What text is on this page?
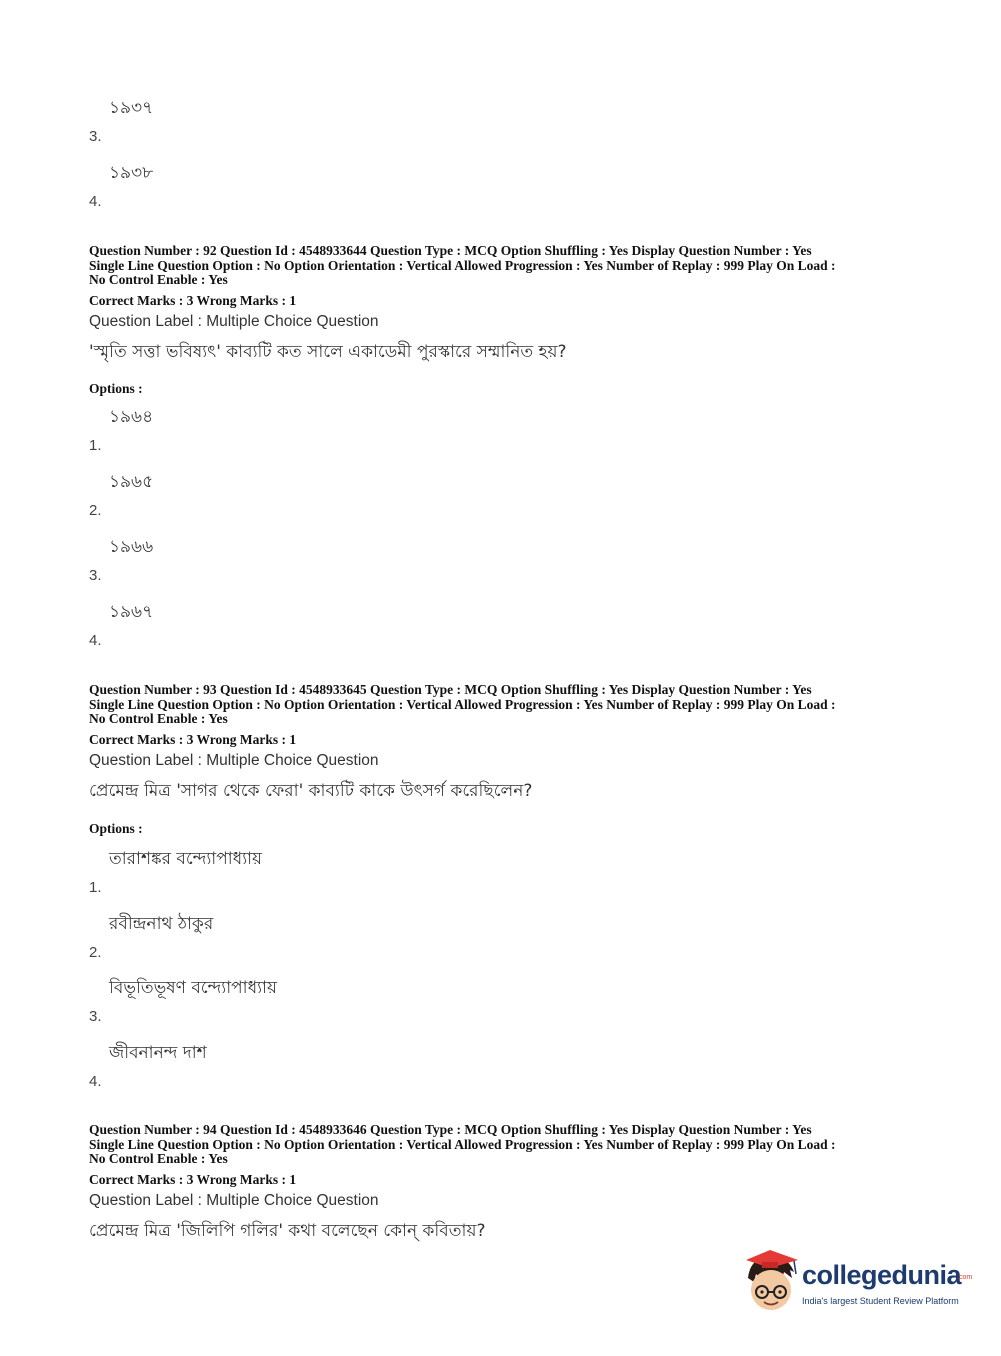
১৯৩৭
3.
১৯৩৮
4.
Question Number : 92 Question Id : 4548933644 Question Type : MCQ Option Shuffling : Yes Display Question Number : Yes
Single Line Question Option : No Option Orientation : Vertical Allowed Progression : Yes Number of Replay : 999 Play On Load :
No Control Enable : Yes
Correct Marks : 3 Wrong Marks : 1
Question Label : Multiple Choice Question
'স্মৃতি সত্তা ভবিষ্যৎ' কাব্যটি কত সালে একাডেমী পুরস্কারে সম্মানিত হয়?
Options :
১৯৬৪
1.
১৯৬৫
2.
১৯৬৬
3.
১৯৬৭
4.
Question Number : 93 Question Id : 4548933645 Question Type : MCQ Option Shuffling : Yes Display Question Number : Yes
Single Line Question Option : No Option Orientation : Vertical Allowed Progression : Yes Number of Replay : 999 Play On Load :
No Control Enable : Yes
Correct Marks : 3 Wrong Marks : 1
Question Label : Multiple Choice Question
প্রেমেন্দ্র মিত্র 'সাগর থেকে ফেরা' কাব্যটি কাকে উৎসর্গ করেছিলেন?
Options :
তারাশঙ্কর বন্দ্যোপাধ্যায়
1.
রবীন্দ্রনাথ ঠাকুর
2.
বিভূতিভূষণ বন্দ্যোপাধ্যায়
3.
জীবনানন্দ দাশ
4.
Question Number : 94 Question Id : 4548933646 Question Type : MCQ Option Shuffling : Yes Display Question Number : Yes
Single Line Question Option : No Option Orientation : Vertical Allowed Progression : Yes Number of Replay : 999 Play On Load :
No Control Enable : Yes
Correct Marks : 3 Wrong Marks : 1
Question Label : Multiple Choice Question
প্রেমেন্দ্র মিত্র 'জিলিপি গলির' কথা বলেছেন কোন্ কবিতায়?
collegedunia
.com
India's largest Student Review Platform
